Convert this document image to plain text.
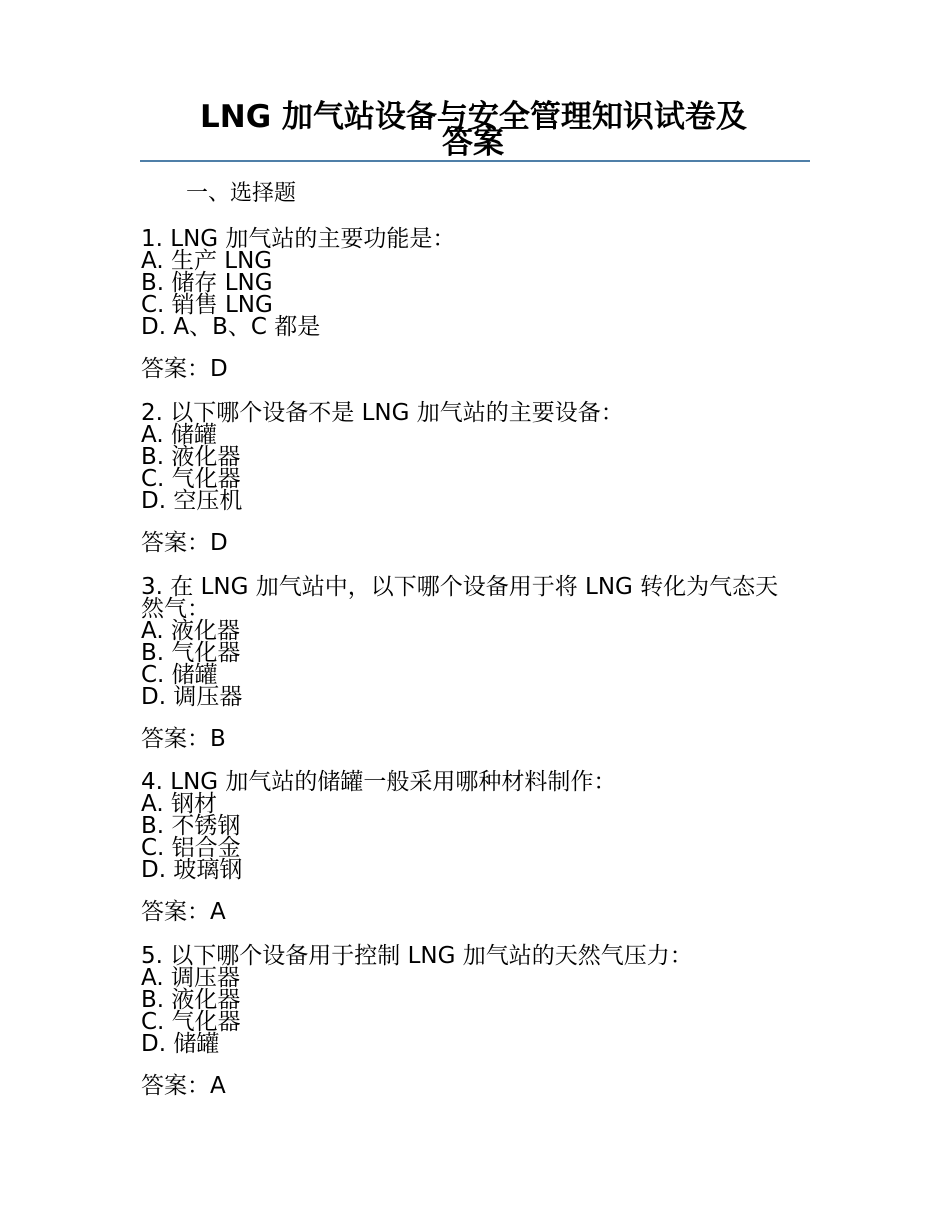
LNG 加气站设备与安全管理知识试卷及
答案
一、选择题
1. LNG 加气站的主要功能是：
A. 生产 LNG
B. 储存 LNG
C. 销售 LNG
D. A、B、C 都是
答案：D
2. 以下哪个设备不是 LNG 加气站的主要设备：
A. 储罐
B. 液化器
C. 气化器
D. 空压机
答案：D
3. 在 LNG 加气站中，以下哪个设备用于将 LNG 转化为气态天然气：
A. 液化器
B. 气化器
C. 储罐
D. 调压器
答案：B
4. LNG 加气站的储罐一般采用哪种材料制作：
A. 钢材
B. 不锈钢
C. 铝合金
D. 玻璃钢
答案：A
5. 以下哪个设备用于控制 LNG 加气站的天然气压力：
A. 调压器
B. 液化器
C. 气化器
D. 储罐
答案：A
